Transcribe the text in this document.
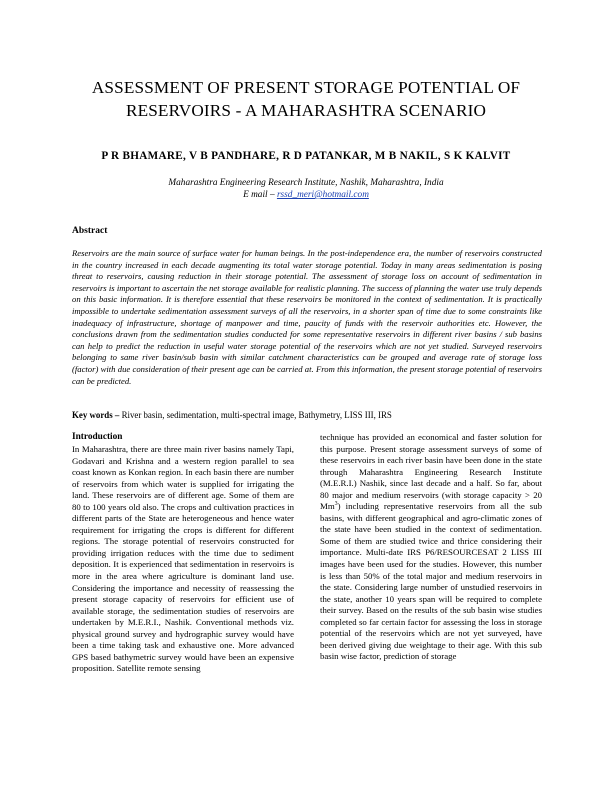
ASSESSMENT OF PRESENT STORAGE POTENTIAL OF
RESERVOIRS - A MAHARASHTRA SCENARIO
P R BHAMARE, V B PANDHARE, R D PATANKAR, M B NAKIL, S K KALVIT
Maharashtra Engineering Research Institute, Nashik, Maharashtra, India
E mail – rssd_meri@hotmail.com
Abstract
Reservoirs are the main source of surface water for human beings. In the post-independence era, the number of reservoirs constructed in the country increased in each decade augmenting its total water storage potential. Today in many areas sedimentation is posing threat to reservoirs, causing reduction in their storage potential. The assessment of storage loss on account of sedimentation in reservoirs is important to ascertain the net storage available for realistic planning. The success of planning the water use truly depends on this basic information. It is therefore essential that these reservoirs be monitored in the context of sedimentation. It is practically impossible to undertake sedimentation assessment surveys of all the reservoirs, in a shorter span of time due to some constraints like inadequacy of infrastructure, shortage of manpower and time, paucity of funds with the reservoir authorities etc. However, the conclusions drawn from the sedimentation studies conducted for some representative reservoirs in different river basins / sub basins can help to predict the reduction in useful water storage potential of the reservoirs which are not yet studied. Surveyed reservoirs belonging to same river basin/sub basin with similar catchment characteristics can be grouped and average rate of storage loss (factor) with due consideration of their present age can be carried at. From this information, the present storage potential of reservoirs can be predicted.
Key words – River basin, sedimentation, multi-spectral image, Bathymetry, LISS III, IRS
Introduction

In Maharashtra, there are three main river basins namely Tapi, Godavari and Krishna and a western region parallel to sea coast known as Konkan region. In each basin there are number of reservoirs from which water is supplied for irrigating the land. These reservoirs are of different age. Some of them are 80 to 100 years old also. The crops and cultivation practices in different parts of the State are heterogeneous and hence water requirement for irrigating the crops is different for different regions. The storage potential of reservoirs constructed for providing irrigation reduces with the time due to sediment deposition. It is experienced that sedimentation in reservoirs is more in the area where agriculture is dominant land use. Considering the importance and necessity of reassessing the present storage capacity of reservoirs for efficient use of available storage, the sedimentation studies of reservoirs are undertaken by M.E.R.I., Nashik. Conventional methods viz. physical ground survey and hydrographic survey would have been a time taking task and exhaustive one. More advanced GPS based bathymetric survey would have been an expensive proposition. Satellite remote sensing

technique has provided an economical and faster solution for this purpose. Present storage assessment surveys of some of these reservoirs in each river basin have been done in the state through Maharashtra Engineering Research Institute (M.E.R.I.) Nashik, since last decade and a half. So far, about 80 major and medium reservoirs (with storage capacity > 20 Mm$^3$) including representative reservoirs from all the sub basins, with different geographical and agro-climatic zones of the state have been studied in the context of sedimentation. Some of them are studied twice and thrice considering their importance. Multi-date IRS P6/RESOURCESAT 2 LISS III images have been used for the studies. However, this number is less than 50% of the total major and medium reservoirs in the state. Considering large number of unstudied reservoirs in the state, another 10 years span will be required to complete their survey. Based on the results of the sub basin wise studies completed so far certain factor for assessing the loss in storage potential of the reservoirs which are not yet surveyed, have been derived giving due weightage to their age. With this sub basin wise factor, prediction of storage
